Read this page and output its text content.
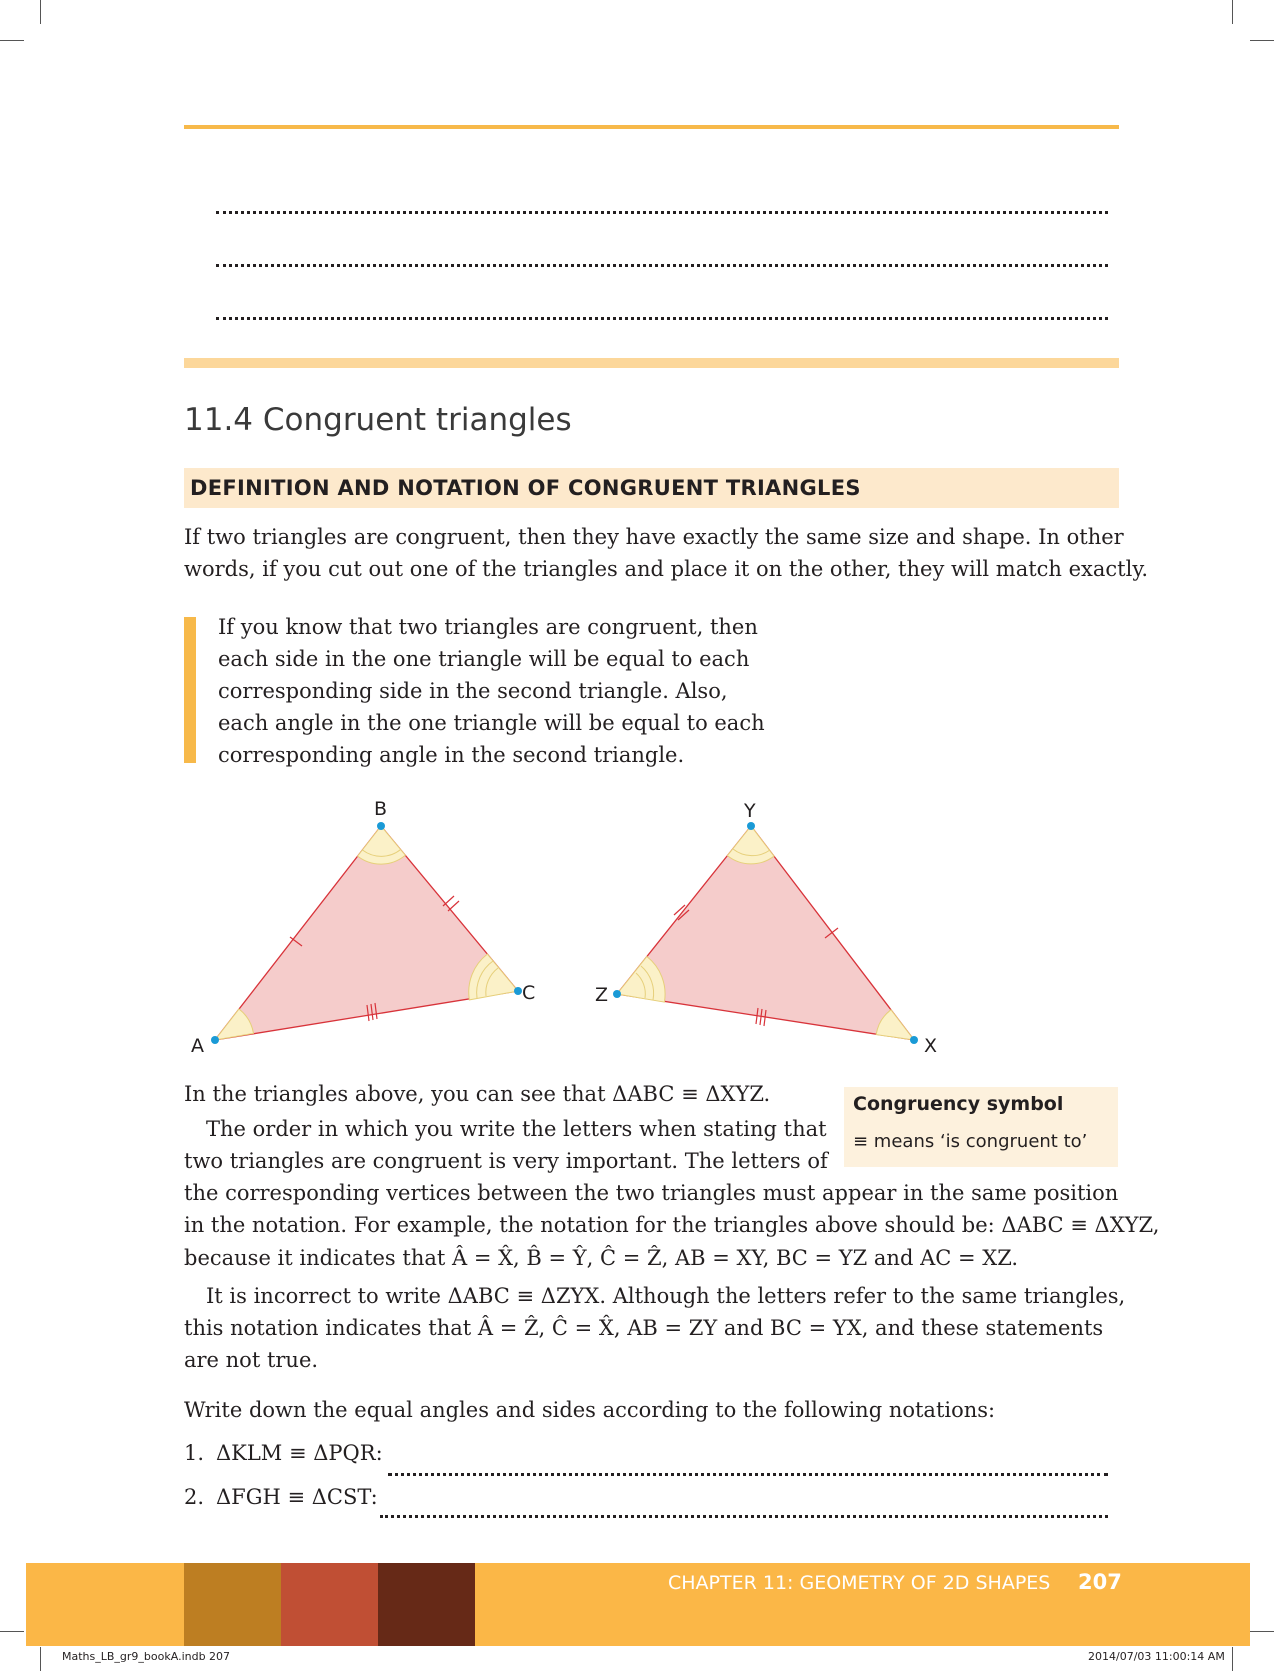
11.4 Congruent triangles
DEFINITION AND NOTATION OF CONGRUENT TRIANGLES
If two triangles are congruent, then they have exactly the same size and shape. In other
words, if you cut out one of the triangles and place it on the other, they will match exactly.
If you know that two triangles are congruent, then
each side in the one triangle will be equal to each
corresponding side in the second triangle. Also,
each angle in the one triangle will be equal to each
corresponding angle in the second triangle.
A
B
C	Z
Y
X
Congruency symbol
≡ means ‘is congruent to’
In the triangles above, you can see that ΔABC ≡ ΔXYZ.
The order in which you write the letters when stating that
two triangles are congruent is very important. The letters of
the corresponding vertices between the two triangles must appear in the same position
in the notation. For example, the notation for the triangles above should be: ΔABC ≡ ΔXYZ,
because it indicates that Â = X̂, B̂ = Ŷ, Ĉ = Ẑ, AB = XY, BC = YZ and AC = XZ.
It is incorrect to write ΔABC ≡ ΔZYX. Although the letters refer to the same triangles,
this notation indicates that Â = Ẑ, Ĉ = X̂, AB = ZY and BC = YX, and these statements
are not true.
Write down the equal angles and sides according to the following notations:
1. ΔKLM ≡ ΔPQR:
2. ΔFGH ≡ ΔCST:
CHAPTER 11: GEOMETRY OF 2D SHAPES 207
Maths_LB_gr9_bookA.indb 207	2014/07/03 11:00:14 AM
